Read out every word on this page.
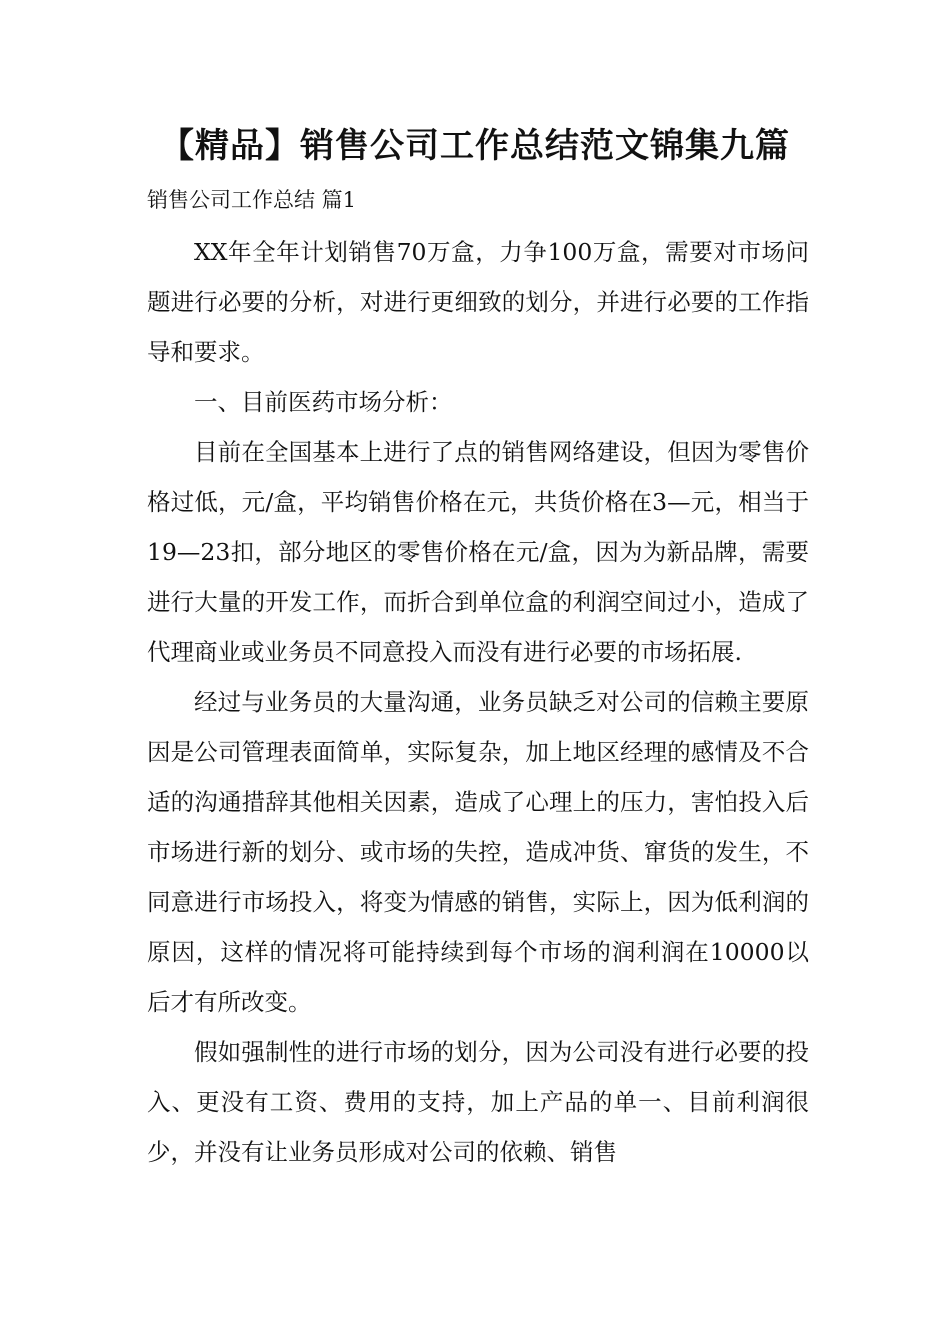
【精品】销售公司工作总结范文锦集九篇
销售公司工作总结 篇1

XX年全年计划销售70万盒，力争100万盒，需要对市场问题进行必要的分析，对进行更细致的划分，并进行必要的工作指导和要求。

一、目前医药市场分析：

目前在全国基本上进行了点的销售网络建设，但因为零售价格过低，元/盒，平均销售价格在元，共货价格在3—元，相当于19—23扣，部分地区的零售价格在元/盒，因为为新品牌，需要进行大量的开发工作，而折合到单位盒的利润空间过小，造成了代理商业或业务员不同意投入而没有进行必要的市场拓展.

经过与业务员的大量沟通，业务员缺乏对公司的信赖主要原因是公司管理表面简单，实际复杂，加上地区经理的感情及不合适的沟通措辞其他相关因素，造成了心理上的压力，害怕投入后市场进行新的划分、或市场的失控，造成冲货、窜货的发生，不同意进行市场投入，将变为情感的销售，实际上，因为低利润的原因，这样的情况将可能持续到每个市场的润利润在10000以后才有所改变。

假如强制性的进行市场的划分，因为公司没有进行必要的投入、更没有工资、费用的支持，加上产品的单一、目前利润很少，并没有让业务员形成对公司的依赖、销售
